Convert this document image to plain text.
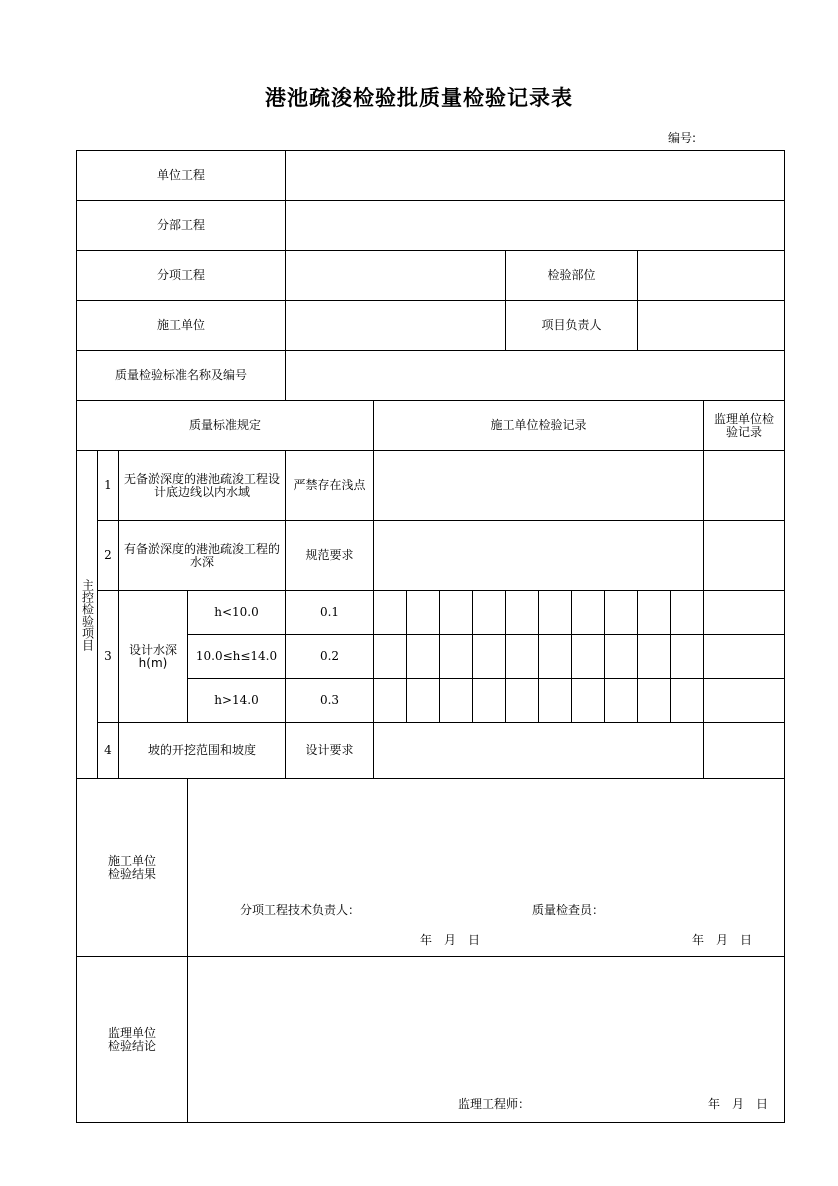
港池疏浚检验批质量检验记录表
编号:
单位工程															
分部工程															
分项工程									检验部位						
施工单位									项目负责人						
质量检验标准名称及编号															
质量标准规定					施工单位检验记录										监理单位检验记录

主控检验项目	1	无备淤深度的港池疏浚工程设计底边线以内水域		严禁存在浅点											
	2	有备淤深度的港池疏浚工程的水深		规范要求											
	3	设计水深h(m)	h<10.0	0.1											
			10.0≤h≤14.0	0.2											
			h>14.0	0.3											
	4	坡的开挖范围和坡度		设计要求											

施工单位检验结果			分项工程技术负责人： 质量检查员：
年　月　日 年　月　日												

监理单位检验结论			监理工程师： 年　月　日												
